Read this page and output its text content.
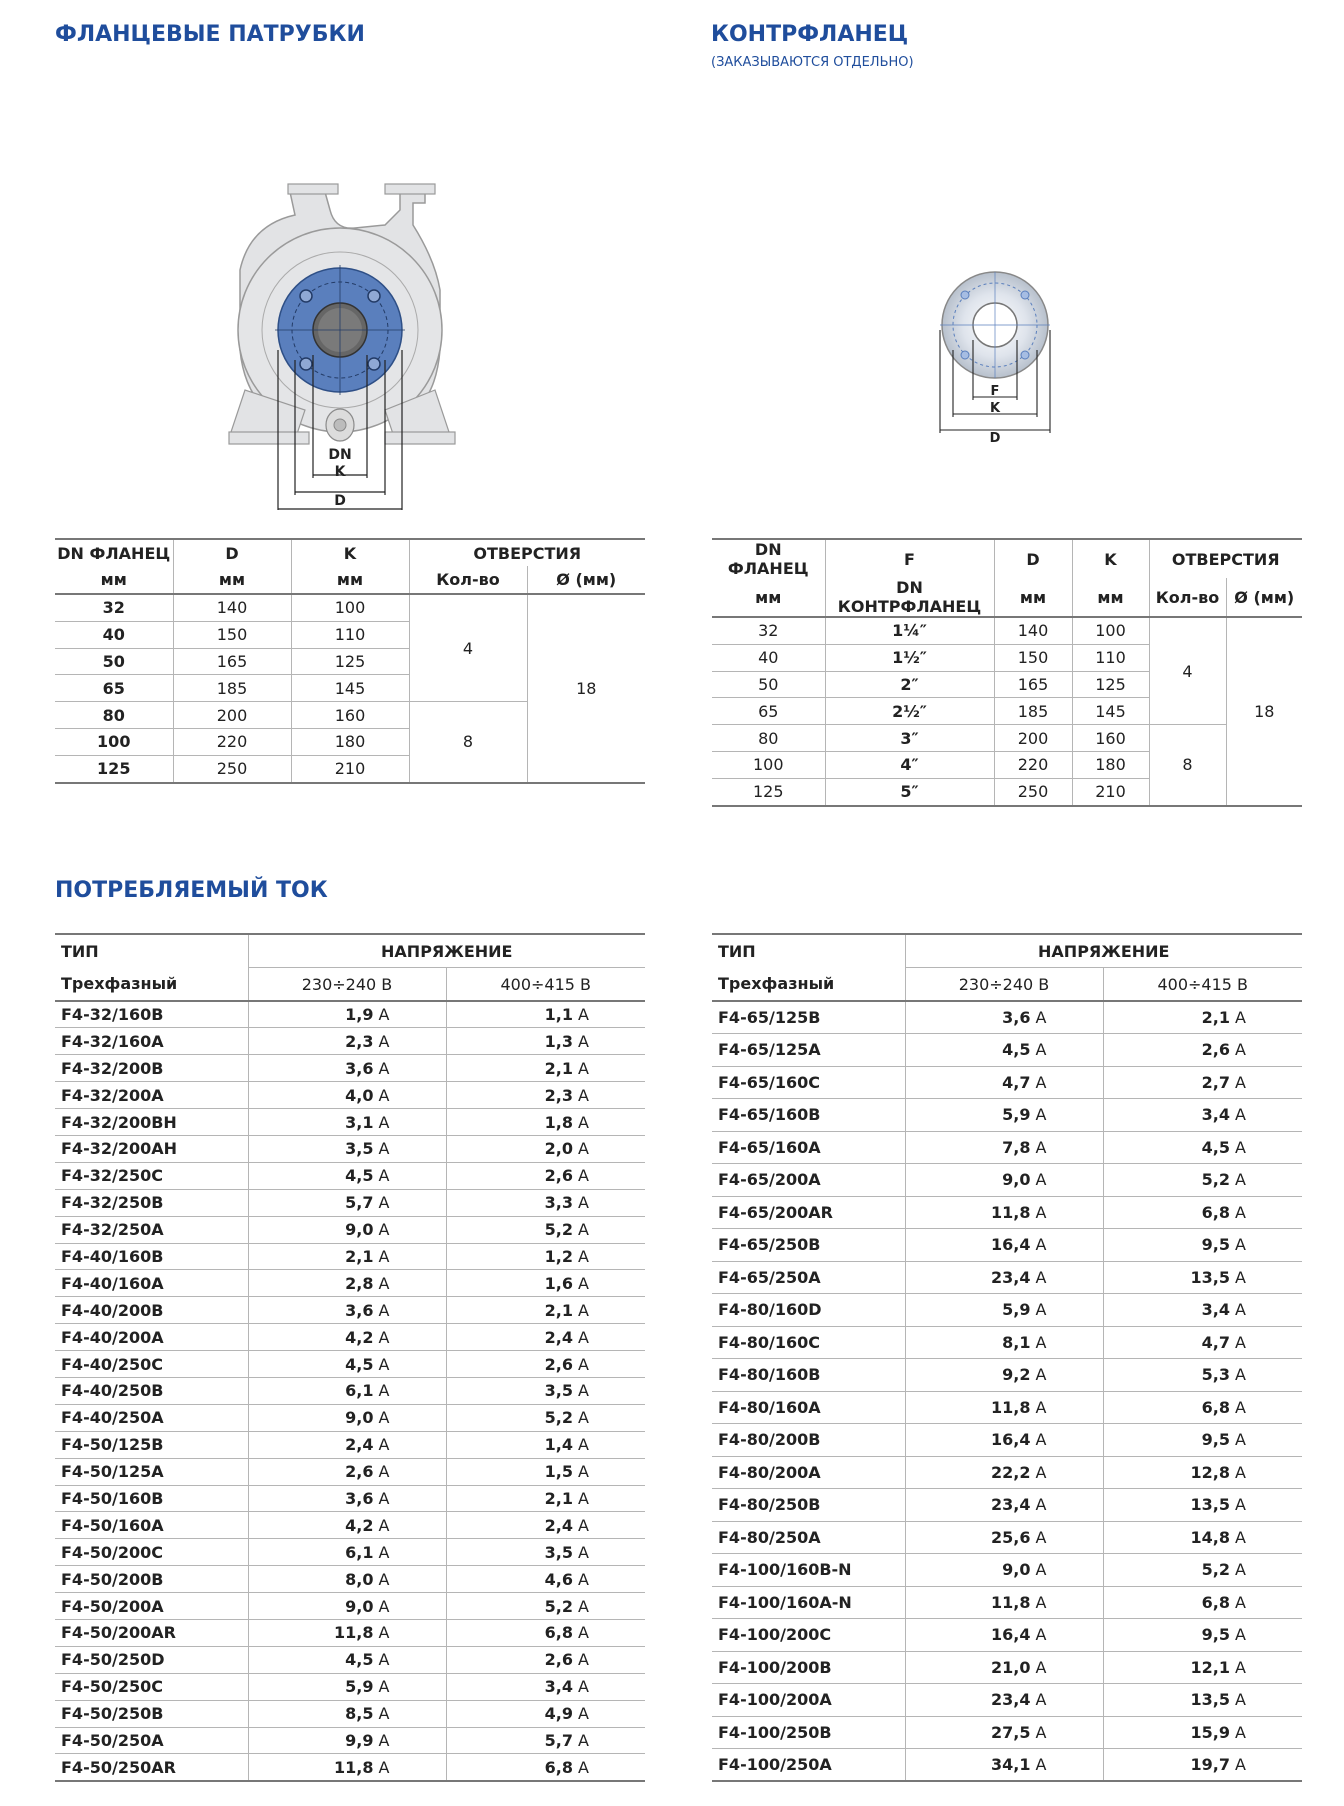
ФЛАНЦЕВЫЕ ПАТРУБКИ	КОНТРФЛАНЕЦ
(ЗАКАЗЫВАЮТСЯ ОТДЕЛЬНО)
ПОТРЕБЛЯЕМЫЙ ТОК
DN
K
D
F
K
D
DN ФЛАНЕЦ	D	K	ОТВЕРСТИЯ	
мм	мм	мм	Кол-во	Ø (мм)
32	140	100	4	18
40	150	110		
50	165	125		
65	185	145		
80	200	160	8	
100	220	180		
125	250	210		
DN ФЛАНЕЦ	F	D	K	ОТВЕРСТИЯ	
мм	DN КОНТРФЛАНЕЦ	мм	мм	Кол-во	Ø (мм)
32	1¼″	140	100	4	18
40	1½″	150	110		
50	2″	165	125		
65	2½″	185	145		
80	3″	200	160	8	
100	4″	220	180		
125	5″	250	210		
ТИП	НАПРЯЖЕНИЕ	
Трехфазный	230÷240 В	400÷415 В
F4-32/160B	1,9 A	1,1 A
F4-32/160A	2,3 A	1,3 A
F4-32/200B	3,6 A	2,1 A
F4-32/200A	4,0 A	2,3 A
F4-32/200BH	3,1 A	1,8 A
F4-32/200AH	3,5 A	2,0 A
F4-32/250C	4,5 A	2,6 A
F4-32/250B	5,7 A	3,3 A
F4-32/250A	9,0 A	5,2 A
F4-40/160B	2,1 A	1,2 A
F4-40/160A	2,8 A	1,6 A
F4-40/200B	3,6 A	2,1 A
F4-40/200A	4,2 A	2,4 A
F4-40/250C	4,5 A	2,6 A
F4-40/250B	6,1 A	3,5 A
F4-40/250A	9,0 A	5,2 A
F4-50/125B	2,4 A	1,4 A
F4-50/125A	2,6 A	1,5 A
F4-50/160B	3,6 A	2,1 A
F4-50/160A	4,2 A	2,4 A
F4-50/200C	6,1 A	3,5 A
F4-50/200B	8,0 A	4,6 A
F4-50/200A	9,0 A	5,2 A
F4-50/200AR	11,8 A	6,8 A
F4-50/250D	4,5 A	2,6 A
F4-50/250C	5,9 A	3,4 A
F4-50/250B	8,5 A	4,9 A
F4-50/250A	9,9 A	5,7 A
F4-50/250AR	11,8 A	6,8 A
ТИП	НАПРЯЖЕНИЕ	
Трехфазный	230÷240 В	400÷415 В
F4-65/125B	3,6 A	2,1 A
F4-65/125A	4,5 A	2,6 A
F4-65/160C	4,7 A	2,7 A
F4-65/160B	5,9 A	3,4 A
F4-65/160A	7,8 A	4,5 A
F4-65/200A	9,0 A	5,2 A
F4-65/200AR	11,8 A	6,8 A
F4-65/250B	16,4 A	9,5 A
F4-65/250A	23,4 A	13,5 A
F4-80/160D	5,9 A	3,4 A
F4-80/160C	8,1 A	4,7 A
F4-80/160B	9,2 A	5,3 A
F4-80/160A	11,8 A	6,8 A
F4-80/200B	16,4 A	9,5 A
F4-80/200A	22,2 A	12,8 A
F4-80/250B	23,4 A	13,5 A
F4-80/250A	25,6 A	14,8 A
F4-100/160B-N	9,0 A	5,2 A
F4-100/160A-N	11,8 A	6,8 A
F4-100/200C	16,4 A	9,5 A
F4-100/200B	21,0 A	12,1 A
F4-100/200A	23,4 A	13,5 A
F4-100/250B	27,5 A	15,9 A
F4-100/250A	34,1 A	19,7 A
